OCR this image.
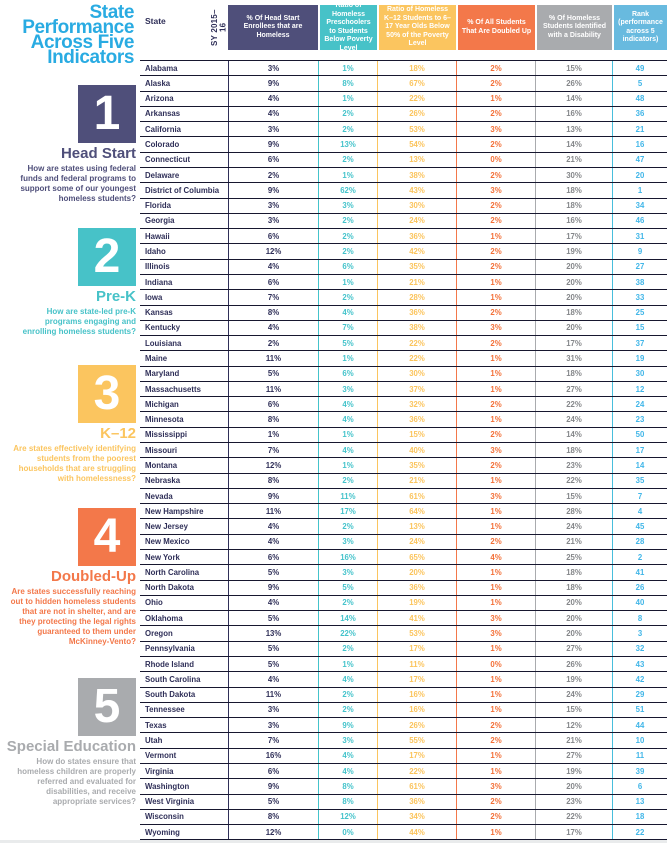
State
Performance
Across Five
Indicators
1
Head Start
How are states using federal funds and federal programs to support some of our youngest homeless students?
2
Pre-K
How are state-led pre-K programs engaging and enrolling homeless students?
3
K–12
Are states effectively identifying students from the poorest households that are struggling with homelessness?
4
Doubled-Up
Are states successfully reaching out to hidden homeless students that are not in shelter, and are they protecting the legal rights guaranteed to them under McKinney-Vento?
5
Special Education
How do states ensure that homeless children are properly referred and evaluated for disabilities, and receive appropriate services?
State	SY 2015–16
% Of Head Start Enrollees that are Homeless
Ratio of Homeless Preschoolers to Students Below Poverty Level
Ratio of Homeless K–12 Students to 6–17 Year Olds Below 50% of the Poverty Level
% Of All Students That Are Doubled Up
% Of Homeless Students Identified with a Disability
Rank (performance across 5 indicators)
Alabama	3%	1%	18%	2%	15%	49
Alaska	9%	8%	67%	2%	26%	5
Arizona	4%	1%	22%	1%	14%	48
Arkansas	4%	2%	26%	2%	16%	36
California	3%	2%	53%	3%	13%	21
Colorado	9%	13%	54%	2%	14%	16
Connecticut	6%	2%	13%	0%	21%	47
Delaware	2%	1%	38%	2%	30%	20
District of Columbia	9%	62%	43%	3%	18%	1
Florida	3%	3%	30%	2%	18%	34
Georgia	3%	2%	24%	2%	16%	46
Hawaii	6%	2%	36%	1%	17%	31
Idaho	12%	2%	42%	2%	19%	9
Illinois	4%	6%	35%	2%	20%	27
Indiana	6%	1%	21%	1%	20%	38
Iowa	7%	2%	28%	1%	20%	33
Kansas	8%	4%	36%	2%	18%	25
Kentucky	4%	7%	38%	3%	20%	15
Louisiana	2%	5%	22%	2%	17%	37
Maine	11%	1%	22%	1%	31%	19
Maryland	5%	6%	30%	1%	18%	30
Massachusetts	11%	3%	37%	1%	27%	12
Michigan	6%	4%	32%	2%	22%	24
Minnesota	8%	4%	36%	1%	24%	23
Mississippi	1%	1%	15%	2%	14%	50
Missouri	7%	4%	40%	3%	18%	17
Montana	12%	1%	35%	2%	23%	14
Nebraska	8%	2%	21%	1%	22%	35
Nevada	9%	11%	61%	3%	15%	7
New Hampshire	11%	17%	64%	1%	28%	4
New Jersey	4%	2%	13%	1%	24%	45
New Mexico	4%	3%	24%	2%	21%	28
New York	6%	16%	65%	4%	25%	2
North Carolina	5%	3%	20%	1%	18%	41
North Dakota	9%	5%	36%	1%	18%	26
Ohio	4%	2%	19%	1%	20%	40
Oklahoma	5%	14%	41%	3%	20%	8
Oregon	13%	22%	53%	3%	20%	3
Pennsylvania	5%	2%	17%	1%	27%	32
Rhode Island	5%	1%	11%	0%	26%	43
South Carolina	4%	4%	17%	1%	19%	42
South Dakota	11%	2%	16%	1%	24%	29
Tennessee	3%	2%	16%	1%	15%	51
Texas	3%	9%	26%	2%	12%	44
Utah	7%	3%	55%	2%	21%	10
Vermont	16%	4%	17%	1%	27%	11
Virginia	6%	4%	22%	1%	19%	39
Washington	9%	8%	61%	3%	20%	6
West Virginia	5%	8%	36%	2%	23%	13
Wisconsin	8%	12%	34%	2%	22%	18
Wyoming	12%	0%	44%	1%	17%	22
